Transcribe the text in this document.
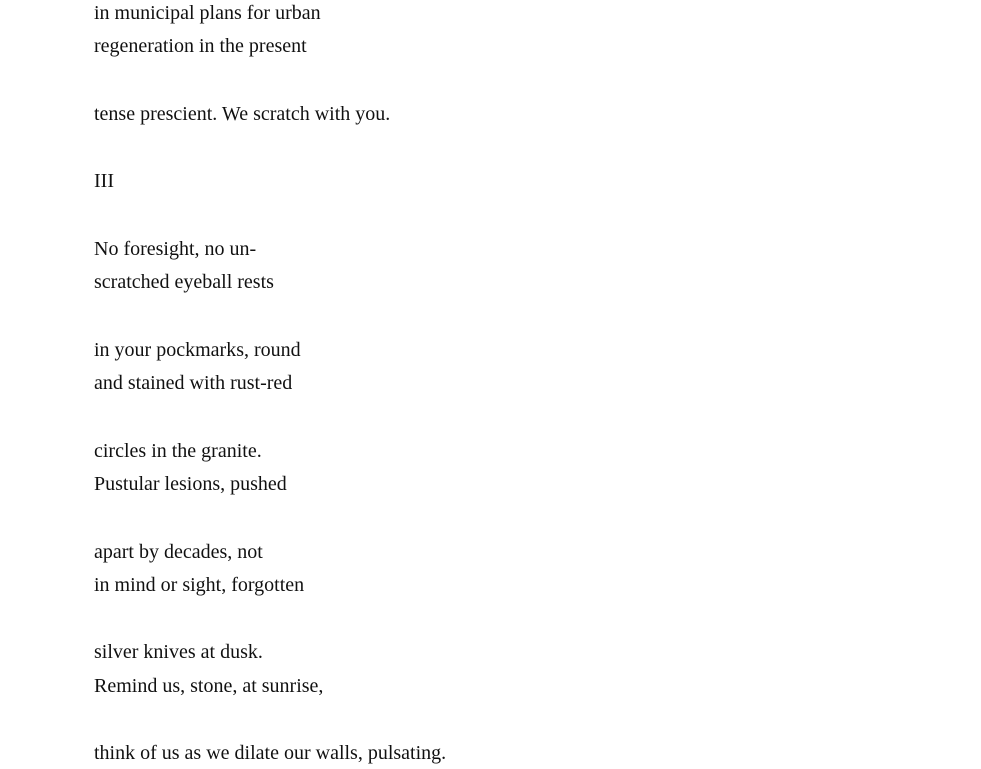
in municipal plans for urban
regeneration in the present
tense prescient. We scratch with you.
III
No foresight, no un-
scratched eyeball rests
in your pockmarks, round
and stained with rust-red
circles in the granite.
Pustular lesions, pushed
apart by decades, not
in mind or sight, forgotten
silver knives at dusk.
Remind us, stone, at sunrise,
think of us as we dilate our walls, pulsating.
